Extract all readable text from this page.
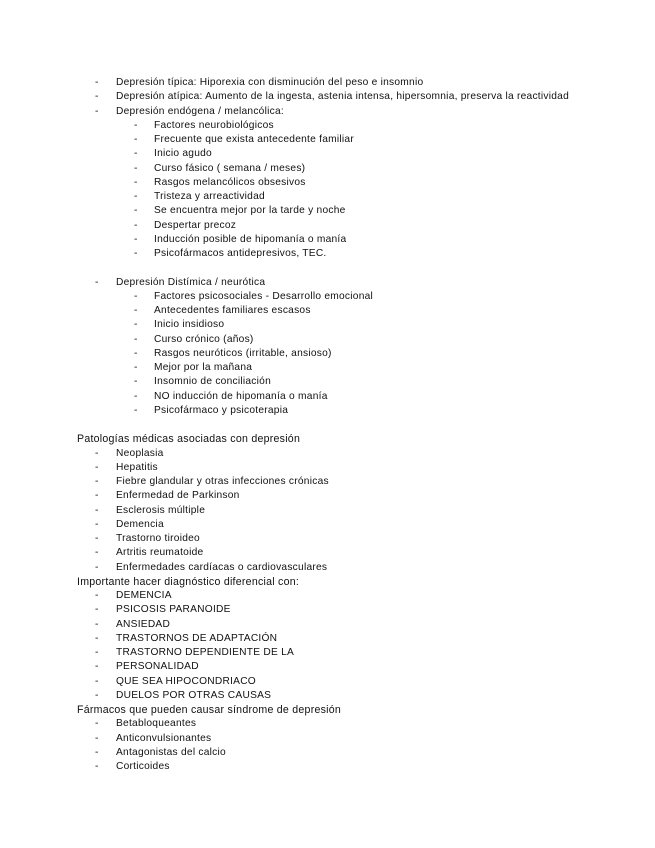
- Depresión típica: Hiporexia con disminución del peso e insomnio
- Depresión atípica: Aumento de la ingesta, astenia intensa, hipersomnia, preserva la reactividad
- Depresión endógena / melancólica:
- Factores neurobiológicos
- Frecuente que exista antecedente familiar
- Inicio agudo
- Curso fásico ( semana / meses)
- Rasgos melancólicos obsesivos
- Tristeza y arreactividad
- Se encuentra mejor por la tarde y noche
- Despertar precoz
- Inducción posible de hipomanía o manía
- Psicofármacos antidepresivos, TEC.
- Depresión Distímica / neurótica
- Factores psicosociales - Desarrollo emocional
- Antecedentes familiares escasos
- Inicio insidioso
- Curso crónico (años)
- Rasgos neuróticos (irritable, ansioso)
- Mejor por la mañana
- Insomnio de conciliación
- NO inducción de hipomanía o manía
- Psicofármaco y psicoterapia
Patologías médicas asociadas con depresión
- Neoplasia
- Hepatitis
- Fiebre glandular y otras infecciones crónicas
- Enfermedad de Parkinson
- Esclerosis múltiple
- Demencia
- Trastorno tiroideo
- Artritis reumatoide
- Enfermedades cardíacas o cardiovasculares
Importante hacer diagnóstico diferencial con:
- DEMENCIA
- PSICOSIS PARANOIDE
- ANSIEDAD
- TRASTORNOS DE ADAPTACIÓN
- TRASTORNO DEPENDIENTE DE LA
- PERSONALIDAD
- QUE SEA HIPOCONDRIACO
- DUELOS POR OTRAS CAUSAS
Fármacos que pueden causar síndrome de depresión
- Betabloqueantes
- Anticonvulsionantes
- Antagonistas del calcio
- Corticoides
